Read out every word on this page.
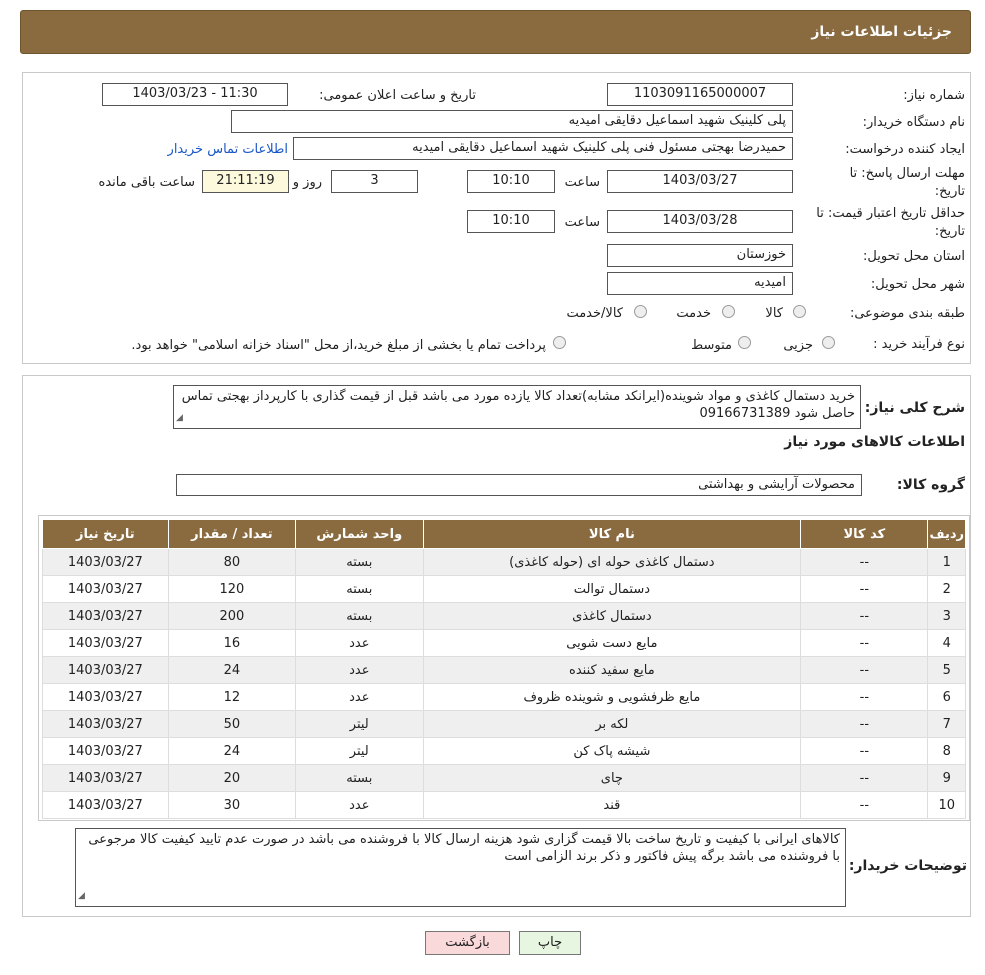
جزئیات اطلاعات نیاز
شماره نیاز:
1103091165000007
تاریخ و ساعت اعلان عمومی:
1403/03/23 - 11:30
نام دستگاه خریدار:
پلی کلینیک شهید اسماعیل دقایقی امیدیه
ایجاد کننده درخواست:
حمیدرضا بهجتی مسئول فنی پلی کلینیک شهید اسماعیل دقایقی امیدیه
اطلاعات تماس خریدار
مهلت ارسال پاسخ: تا
تاریخ:
1403/03/27
ساعت
10:10
3
روز و
21:11:19
ساعت باقی مانده
حداقل تاریخ اعتبار قیمت: تا
تاریخ:
1403/03/28
ساعت
10:10
استان محل تحویل:
خوزستان
شهر محل تحویل:
امیدیه
طبقه بندی موضوعی:
کالا
خدمت
کالا/خدمت
نوع فرآیند خرید :
جزیی
متوسط
پرداخت تمام یا بخشی از مبلغ خرید،از محل "اسناد خزانه اسلامی" خواهد بود.
شرح کلی نیاز:
خرید دستمال کاغذی و مواد شوینده(ایرانکد مشابه)تعداد کالا یازده مورد می باشد قبل از قیمت گذاری با کارپرداز بهجتی تماس حاصل شود 09166731389
◢
اطلاعات کالاهای مورد نیاز
گروه کالا:
محصولات آرایشی و بهداشتی
ردیف	کد کالا	نام کالا	واحد شمارش	تعداد / مقدار	تاریخ نیاز
1	--	دستمال کاغذی حوله ای (حوله کاغذی)	بسته	80	1403/03/27
2	--	دستمال توالت	بسته	120	1403/03/27
3	--	دستمال کاغذی	بسته	200	1403/03/27
4	--	مایع دست شویی	عدد	16	1403/03/27
5	--	مایع سفید کننده	عدد	24	1403/03/27
6	--	مایع ظرفشویی و شوینده ظروف	عدد	12	1403/03/27
7	--	لکه بر	لیتر	50	1403/03/27
8	--	شیشه پاک کن	لیتر	24	1403/03/27
9	--	چای	بسته	20	1403/03/27
10	--	قند	عدد	30	1403/03/27
توضیحات خریدار:
کالاهای ایرانی با کیفیت و تاریخ ساخت بالا قیمت گزاری شود هزینه ارسال کالا با فروشنده می باشد در صورت عدم تایید کیفیت کالا مرجوعی با فروشنده می باشد برگه پیش فاکتور و ذکر برند الزامی است
◢
بازگشت	چاپ
